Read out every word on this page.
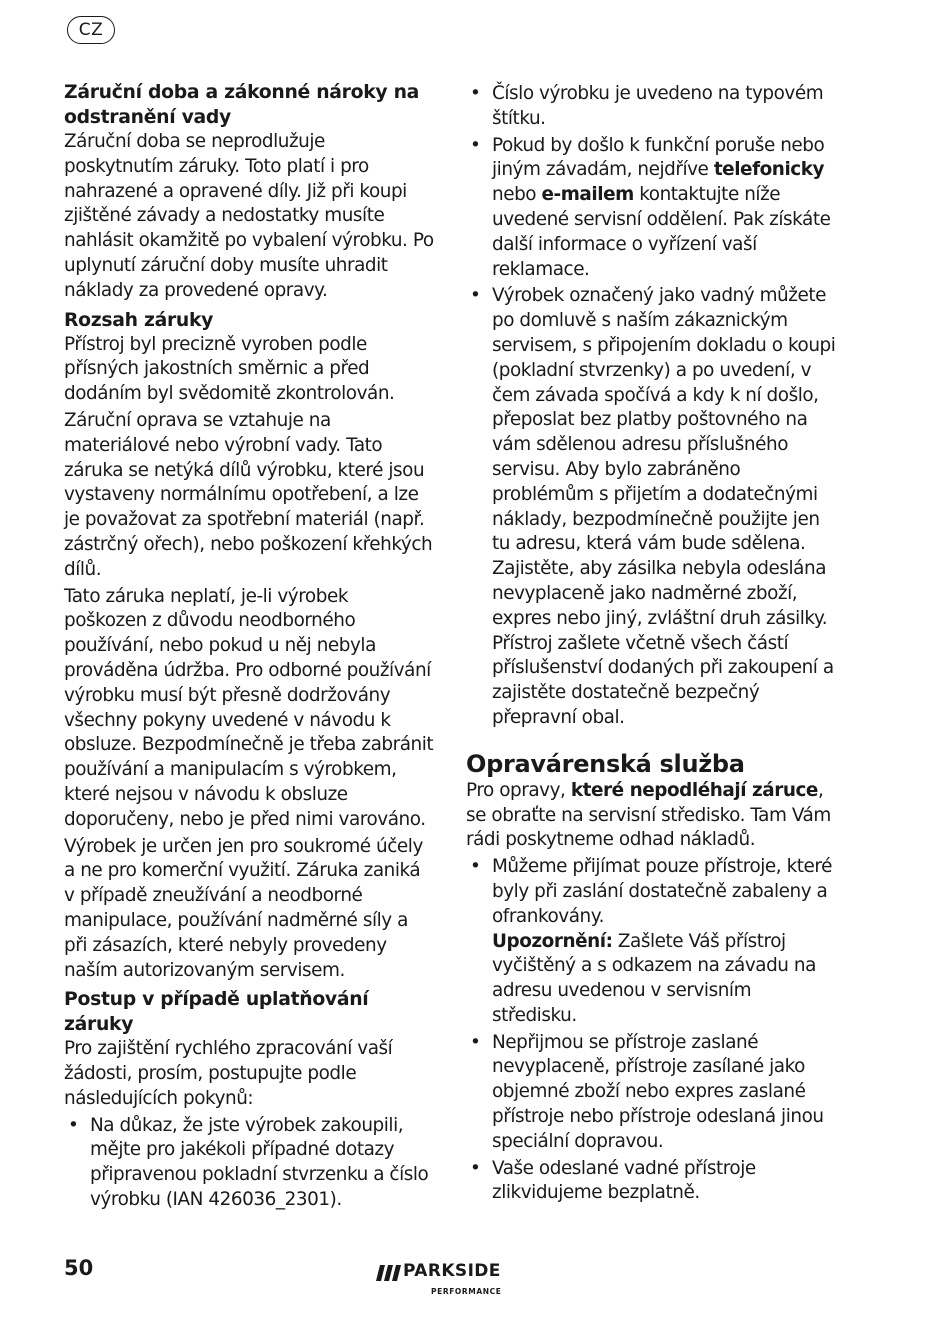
CZ
Záruční doba a zákonné nároky na odstranění vady

Záruční doba se neprodlužuje poskytnutím záruky. Toto platí i pro nahrazené a opravené díly. Již při koupi zjištěné závady a nedostatky musíte nahlásit okamžitě po vybalení výrobku. Po uplynutí záruční doby musíte uhradit náklady za provedené opravy.

Rozsah záruky

Přístroj byl precizně vyroben podle přísných jakostních směrnic a před dodáním byl svědomitě zkontrolován.

Záruční oprava se vztahuje na materiálové nebo výrobní vady. Tato záruka se netýká dílů výrobku, které jsou vystaveny normálnímu opotřebení, a lze je považovat za spotřební materiál (např. zástrčný ořech), nebo poškození křehkých dílů.

Tato záruka neplatí, je-li výrobek poškozen z důvodu neodborného používání, nebo pokud u něj nebyla prováděna údržba. Pro odborné používání výrobku musí být přesně dodržovány všechny pokyny uvedené v návodu k obsluze. Bezpodmínečně je třeba zabránit používání a manipulacím s výrobkem, které nejsou v návodu k obsluze doporučeny, nebo je před nimi varováno.

Výrobek je určen jen pro soukromé účely a ne pro komerční využití. Záruka zaniká v případě zneužívání a neodborné manipulace, používání nadměrné síly a při zásazích, které nebyly provedeny naším autorizovaným servisem.

Postup v případě uplatňování záruky

Pro zajištění rychlého zpracování vaší žádosti, prosím, postupujte podle následujících pokynů:

• Na důkaz, že jste výrobek zakoupili, mějte pro jakékoli případné dotazy připravenou pokladní stvrzenku a číslo výrobku (IAN 426036_2301).
• Číslo výrobku je uvedeno na typovém štítku.
• Pokud by došlo k funkční poruše nebo jiným závadám, nejdříve telefonicky nebo e-mailem kontaktujte níže uvedené servisní oddělení. Pak získáte další informace o vyřízení vaší reklamace.
• Výrobek označený jako vadný můžete po domluvě s naším zákaznickým servisem, s připojením dokladu o koupi (pokladní stvrzenky) a po uvedení, v čem závada spočívá a kdy k ní došlo, přeposlat bez platby poštovného na vám sdělenou adresu příslušného servisu. Aby bylo zabráněno problémům s přijetím a dodatečnými náklady, bezpodmínečně použijte jen tu adresu, která vám bude sdělena. Zajistěte, aby zásilka nebyla odeslána nevyplaceně jako nadměrné zboží, expres nebo jiný, zvláštní druh zásilky. Přístroj zašlete včetně všech částí příslušenství dodaných při zakoupení a zajistěte dostatečně bezpečný přepravní obal.
Opravárenská služba

Pro opravy, které nepodléhají záruce, se obraťte na servisní středisko. Tam Vám rádi poskytneme odhad nákladů.

• Můžeme přijímat pouze přístroje, které byly při zaslání dostatečně zabaleny a ofrankovány.
Upozornění: Zašlete Váš přístroj vyčištěný a s odkazem na závadu na adresu uvedenou v servisním středisku.
• Nepřijmou se přístroje zaslané nevyplaceně, přístroje zasílané jako objemné zboží nebo expres zaslané přístroje nebo přístroje odeslaná jinou speciální dopravou.
• Vaše odeslané vadné přístroje zlikvidujeme bezplatně.
50	PARKSIDE
PERFORMANCE
